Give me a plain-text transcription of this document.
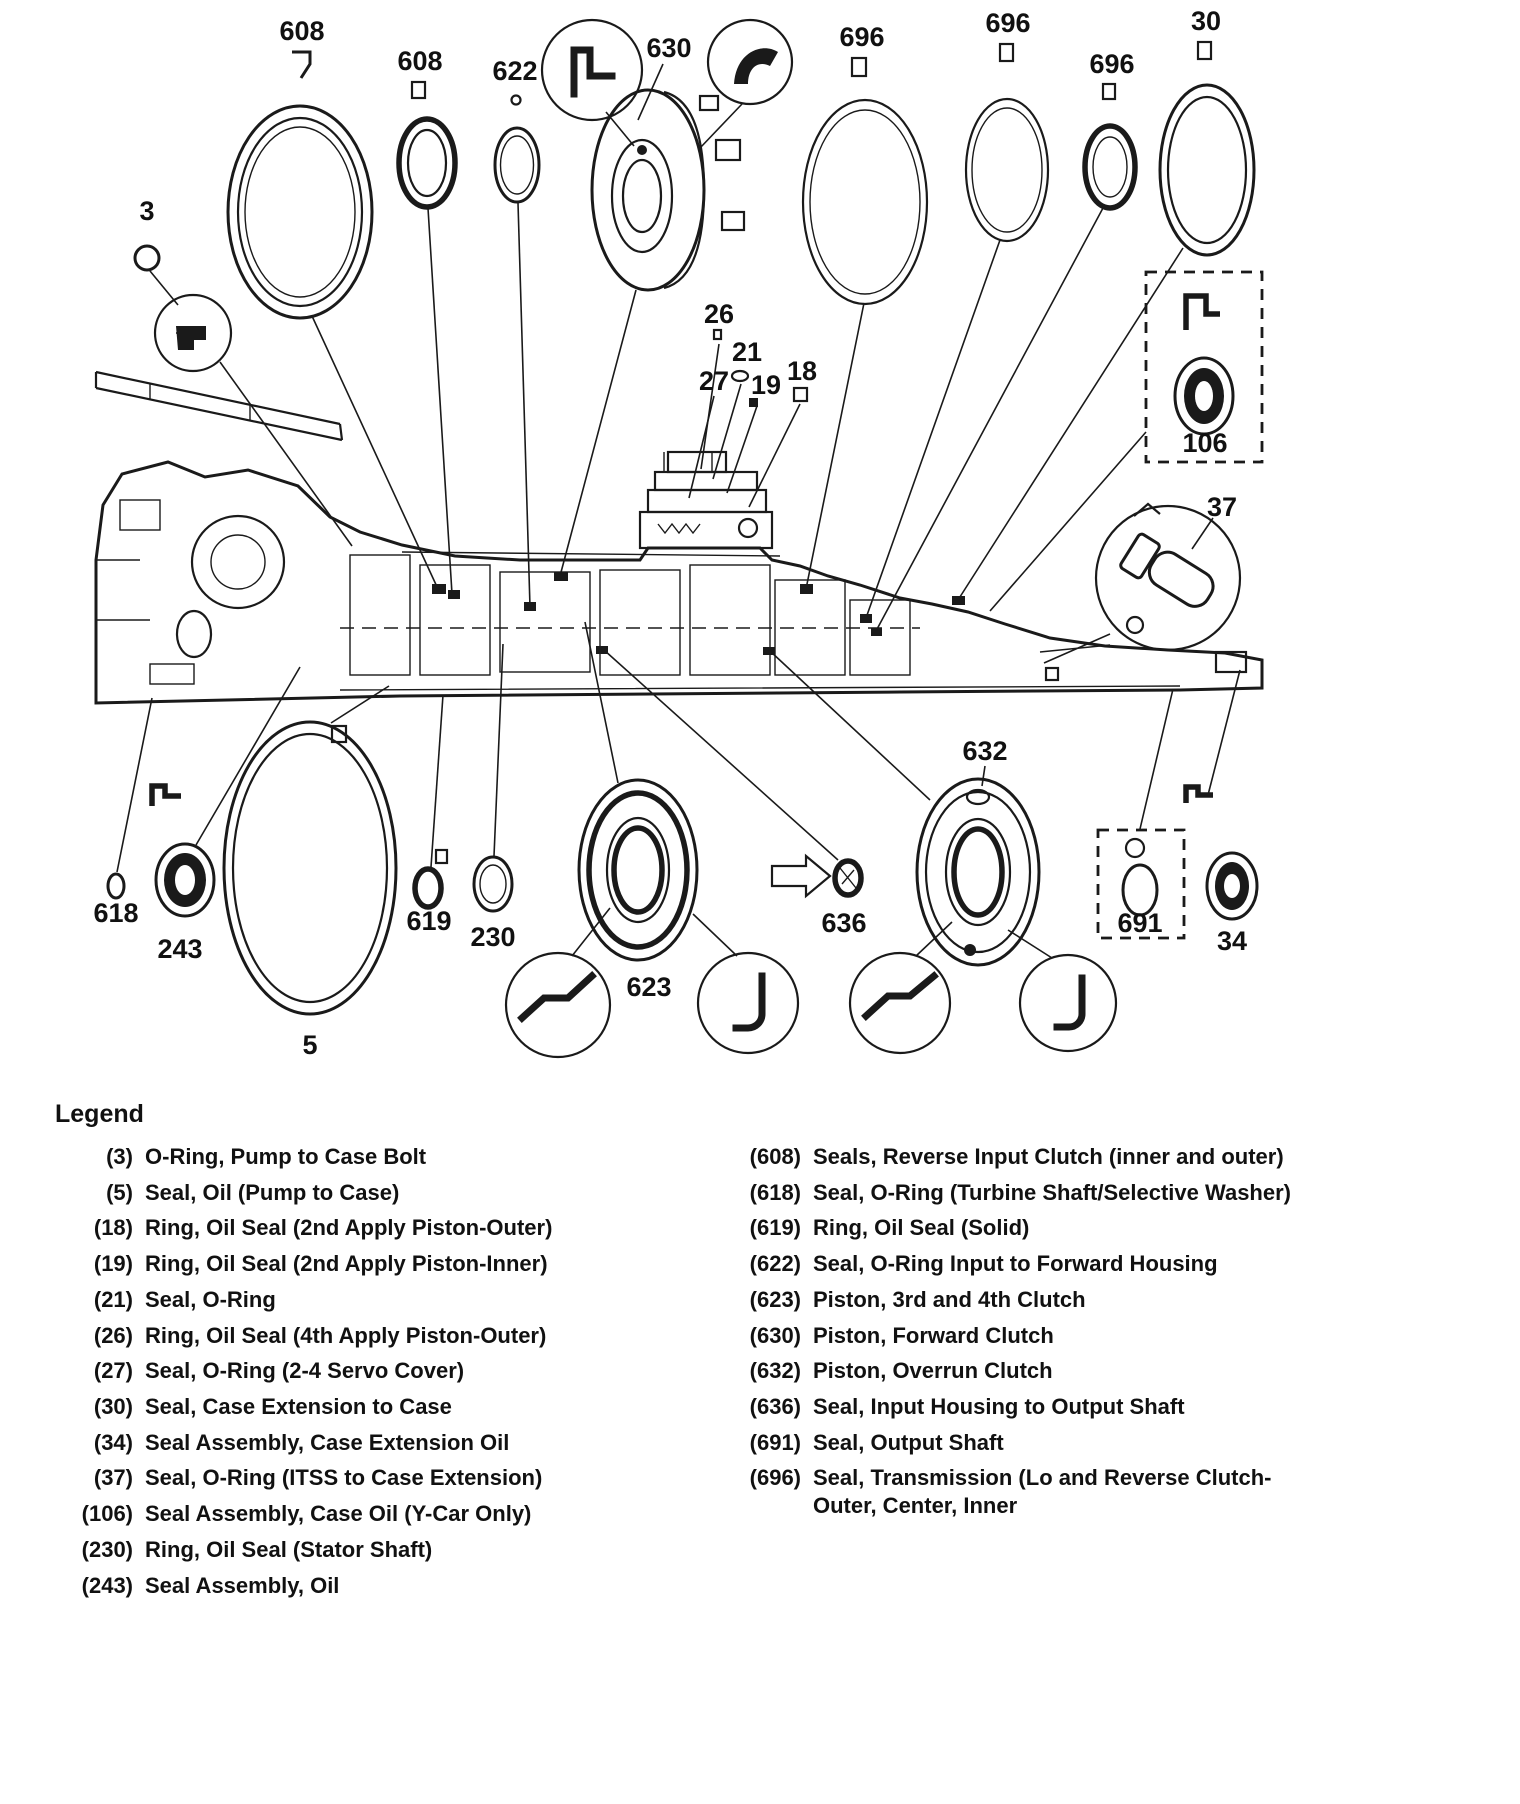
3
608
608 622
630	696	696
696
30
26
21
27 19 18
106
37
632
618
243
619
230
623
636	691
34
5
Legend
(3) O-Ring, Pump to Case Bolt
(5) Seal, Oil (Pump to Case)
(18) Ring, Oil Seal (2nd Apply Piston-Outer)
(19) Ring, Oil Seal (2nd Apply Piston-Inner)
(21) Seal, O-Ring
(26) Ring, Oil Seal (4th Apply Piston-Outer)
(27) Seal, O-Ring (2-4 Servo Cover)
(30) Seal, Case Extension to Case
(34) Seal Assembly, Case Extension Oil
(37) Seal, O-Ring (ITSS to Case Extension)
(106) Seal Assembly, Case Oil (Y-Car Only)
(230) Ring, Oil Seal (Stator Shaft)
(243) Seal Assembly, Oil
(608) Seals, Reverse Input Clutch (inner and outer)
(618) Seal, O-Ring (Turbine Shaft/Selective Washer)
(619) Ring, Oil Seal (Solid)
(622) Seal, O-Ring Input to Forward Housing
(623) Piston, 3rd and 4th Clutch
(630) Piston, Forward Clutch
(632) Piston, Overrun Clutch
(636) Seal, Input Housing to Output Shaft
(691) Seal, Output Shaft
(696) Seal, Transmission (Lo and Reverse Clutch-Outer, Center, Inner
